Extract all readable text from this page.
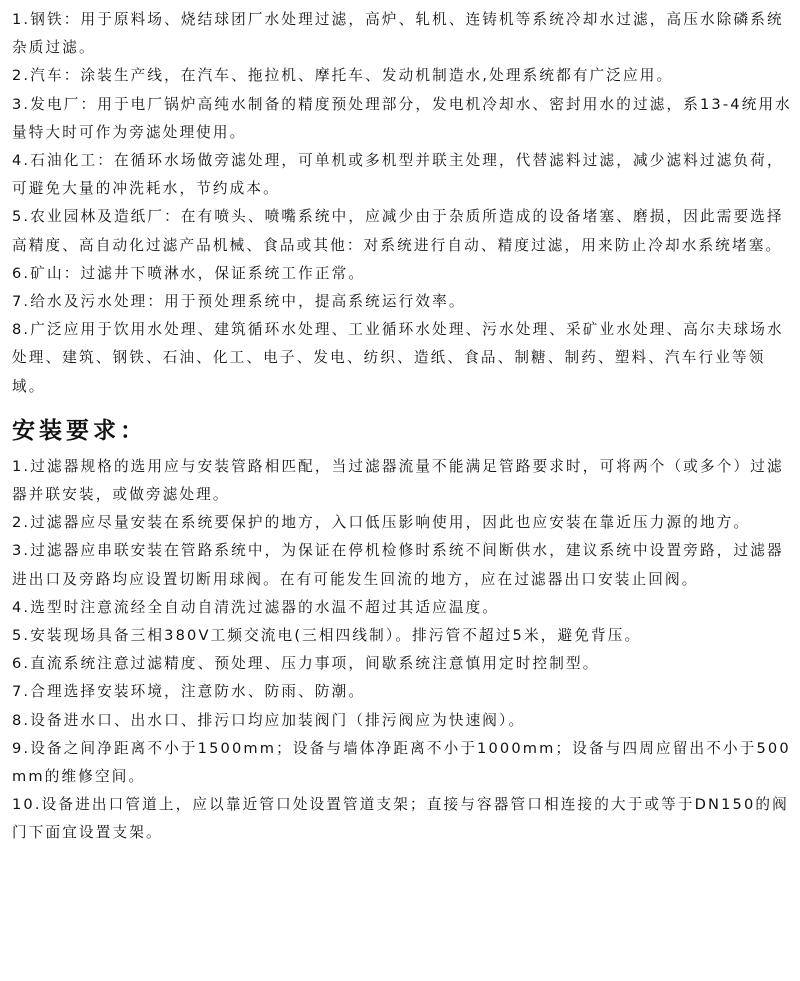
1.钢铁：用于原料场、烧结球团厂水处理过滤，高炉、轧机、连铸机等系统冷却水过滤，高压水除磷系统杂质过滤。

2.汽车：涂装生产线，在汽车、拖拉机、摩托车、发动机制造水,处理系统都有广泛应用。

3.发电厂：用于电厂锅炉高纯水制备的精度预处理部分，发电机冷却水、密封用水的过滤，系13-4统用水量特大时可作为旁滤处理使用。

4.石油化工：在循环水场做旁滤处理，可单机或多机型并联主处理，代替滤料过滤，减少滤料过滤负荷，可避免大量的冲洗耗水，节约成本。

5.农业园林及造纸厂：在有喷头、喷嘴系统中，应减少由于杂质所造成的设备堵塞、磨损，因此需要选择高精度、高自动化过滤产品机械、食品或其他：对系统进行自动、精度过滤，用来防止冷却水系统堵塞。

6.矿山：过滤井下喷淋水，保证系统工作正常。

7.给水及污水处理：用于预处理系统中，提高系统运行效率。

8.广泛应用于饮用水处理、建筑循环水处理、工业循环水处理、污水处理、采矿业水处理、高尔夫球场水处理、建筑、钢铁、石油、化工、电子、发电、纺织、造纸、食品、制糖、制药、塑料、汽车行业等领域。

安装要求：

1.过滤器规格的选用应与安装管路相匹配，当过滤器流量不能满足管路要求时，可将两个（或多个）过滤器并联安装，或做旁滤处理。

2.过滤器应尽量安装在系统要保护的地方，入口低压影响使用，因此也应安装在靠近压力源的地方。

3.过滤器应串联安装在管路系统中，为保证在停机检修时系统不间断供水，建议系统中设置旁路，过滤器进出口及旁路均应设置切断用球阀。在有可能发生回流的地方，应在过滤器出口安装止回阀。

4.选型时注意流经全自动自清洗过滤器的水温不超过其适应温度。

5.安装现场具备三相380V工频交流电(三相四线制）。排污管不超过5米，避免背压。

6.直流系统注意过滤精度、预处理、压力事项，间歇系统注意慎用定时控制型。

7.合理选择安装环境，注意防水、防雨、防潮。

8.设备进水口、出水口、排污口均应加装阀门（排污阀应为快速阀）。

9.设备之间净距离不小于1500mm；设备与墙体净距离不小于1000mm；设备与四周应留出不小于500mm的维修空间。

10.设备进出口管道上，应以靠近管口处设置管道支架；直接与容器管口相连接的大于或等于DN150的阀门下面宜设置支架。
